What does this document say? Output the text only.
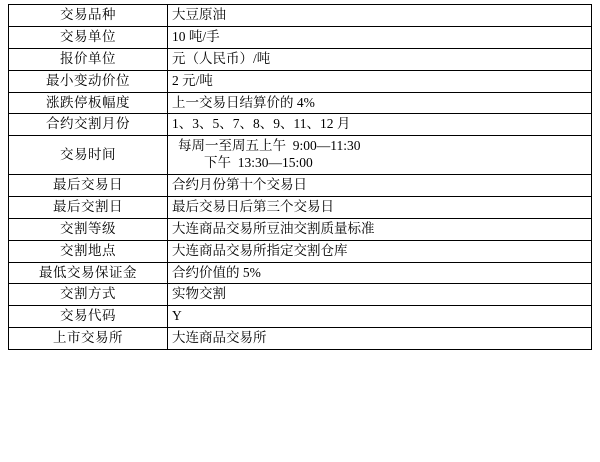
交易品种	大豆原油
交易单位	10 吨/手
报价单位	元（人民币）/吨
最小变动价位	2 元/吨
涨跌停板幅度	上一交易日结算价的 4%
合约交割月份	1、3、5、7、8、9、11、12 月
交易时间	每周一至周五上午  9:00—11:30
下午  13:30—15:00

最后交易日	合约月份第十个交易日
最后交割日	最后交易日后第三个交易日
交割等级	大连商品交易所豆油交割质量标准
交割地点	大连商品交易所指定交割仓库
最低交易保证金	合约价值的 5%
交割方式	实物交割
交易代码	Y
上市交易所	大连商品交易所
